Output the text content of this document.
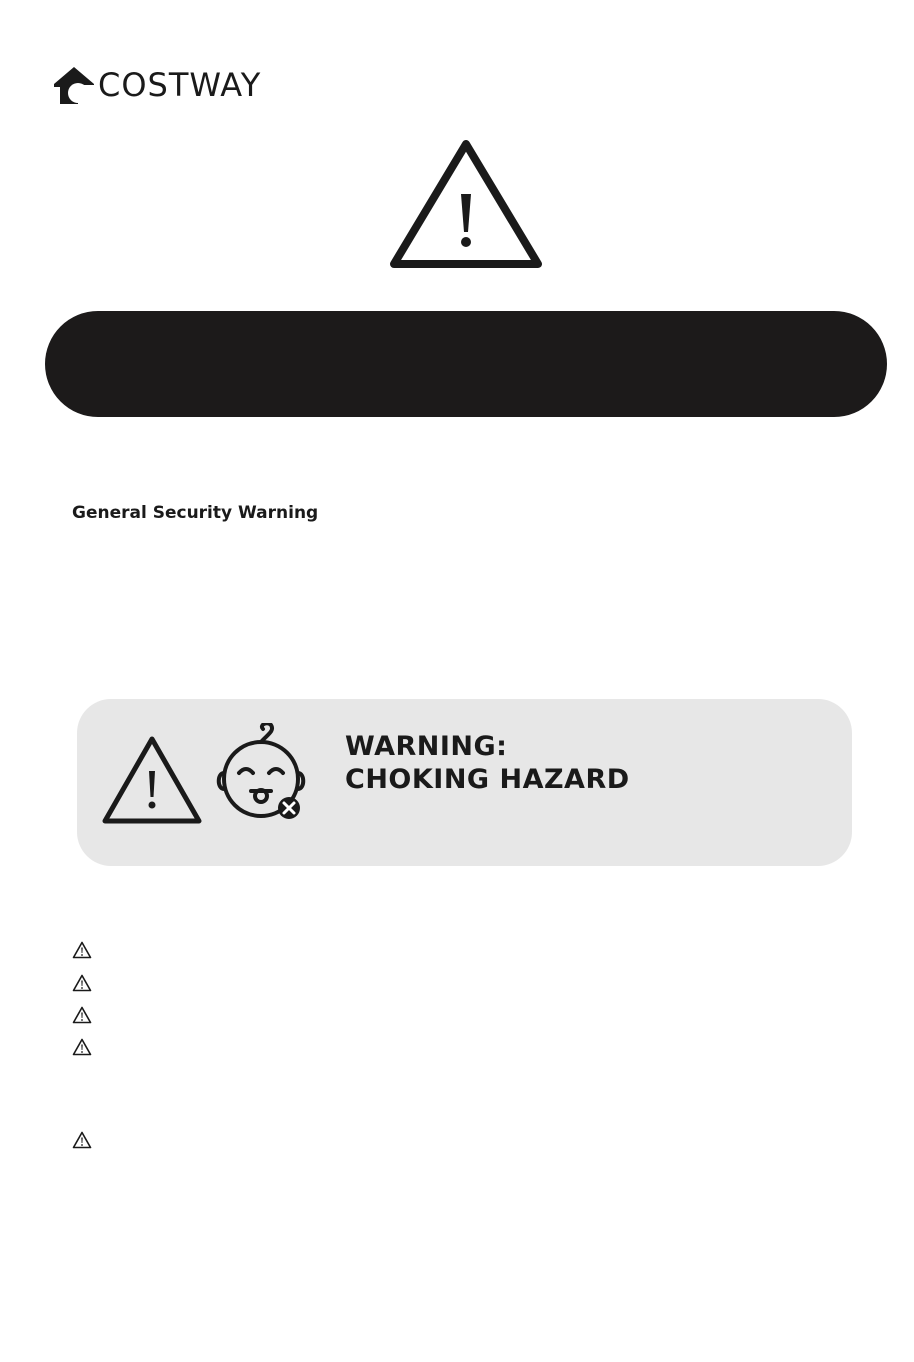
COSTWAY
General Security Warning
WARNING:
CHOKING HAZARD
